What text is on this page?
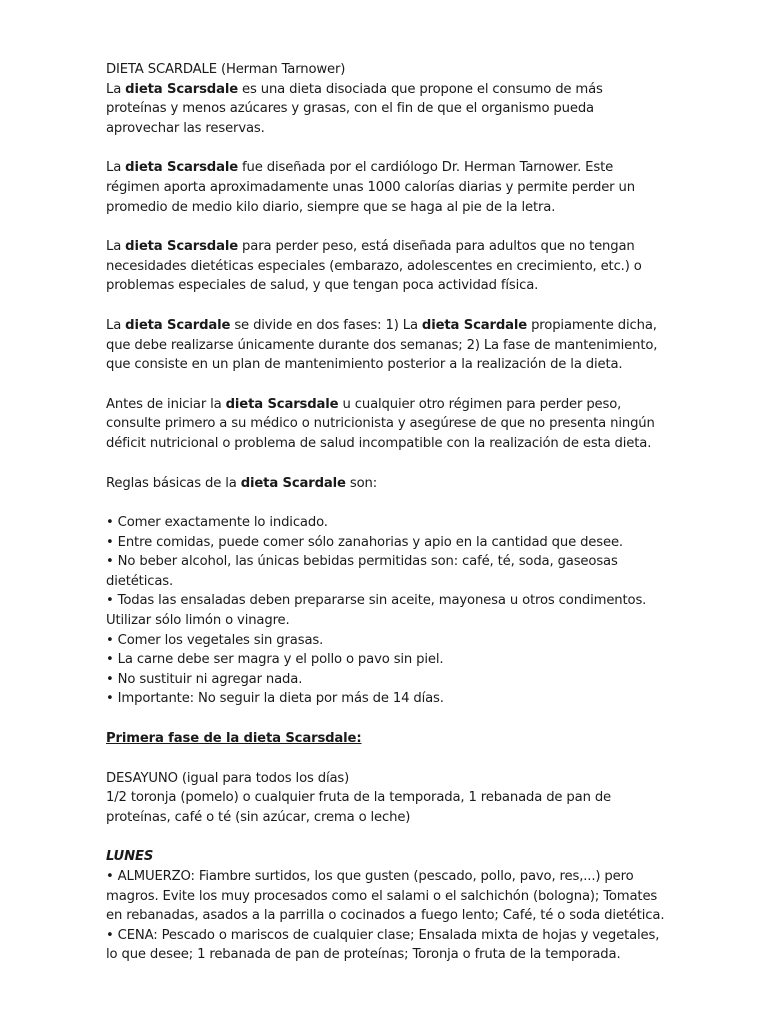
DIETA SCARDALE (Herman Tarnower)

La dieta Scarsdale es una dieta disociada que propone el consumo de más proteínas y menos azúcares y grasas, con el fin de que el organismo pueda aprovechar las reservas.

La dieta Scarsdale fue diseñada por el cardiólogo Dr. Herman Tarnower. Este régimen aporta aproximadamente unas 1000 calorías diarias y permite perder un promedio de medio kilo diario, siempre que se haga al pie de la letra.

La dieta Scarsdale para perder peso, está diseñada para adultos que no tengan necesidades dietéticas especiales (embarazo, adolescentes en crecimiento, etc.) o problemas especiales de salud, y que tengan poca actividad física.

La dieta Scardale se divide en dos fases: 1) La dieta Scardale propiamente dicha, que debe realizarse únicamente durante dos semanas; 2) La fase de mantenimiento, que consiste en un plan de mantenimiento posterior a la realización de la dieta.

Antes de iniciar la dieta Scarsdale u cualquier otro régimen para perder peso, consulte primero a su médico o nutricionista y asegúrese de que no presenta ningún déficit nutricional o problema de salud incompatible con la realización de esta dieta.

Reglas básicas de la dieta Scardale son:

• Comer exactamente lo indicado.
• Entre comidas, puede comer sólo zanahorias y apio en la cantidad que desee.
• No beber alcohol, las únicas bebidas permitidas son: café, té, soda, gaseosas dietéticas.
• Todas las ensaladas deben prepararse sin aceite, mayonesa u otros condimentos. Utilizar sólo limón o vinagre.
• Comer los vegetales sin grasas.
• La carne debe ser magra y el pollo o pavo sin piel.
• No sustituir ni agregar nada.
• Importante: No seguir la dieta por más de 14 días.

Primera fase de la dieta Scarsdale:

DESAYUNO (igual para todos los días)

1/2 toronja (pomelo) o cualquier fruta de la temporada, 1 rebanada de pan de proteínas, café o té (sin azúcar, crema o leche)

LUNES

• ALMUERZO: Fiambre surtidos, los que gusten (pescado, pollo, pavo, res,...) pero magros. Evite los muy procesados como el salami o el salchichón (bologna); Tomates en rebanadas, asados a la parrilla o cocinados a fuego lento; Café, té o soda dietética.

• CENA: Pescado o mariscos de cualquier clase; Ensalada mixta de hojas y vegetales, lo que desee; 1 rebanada de pan de proteínas; Toronja o fruta de la temporada.
